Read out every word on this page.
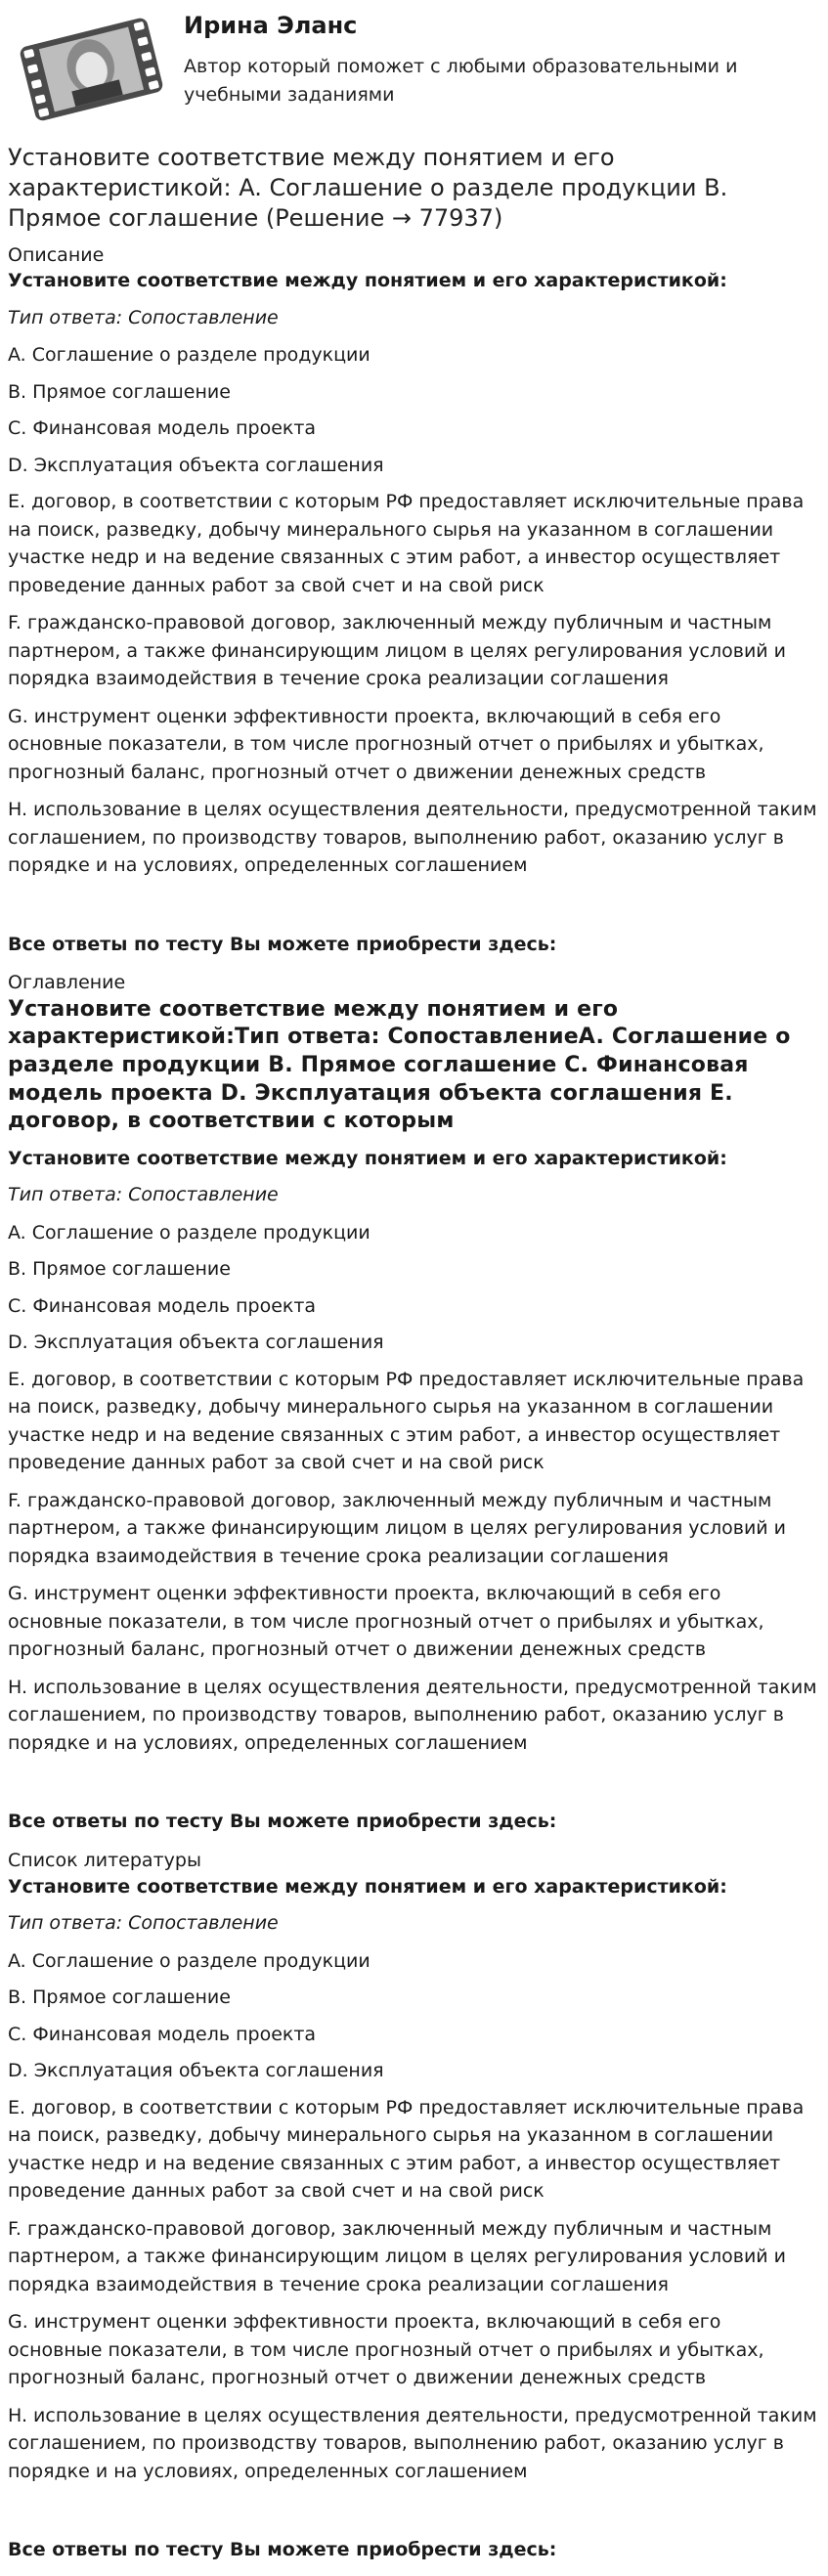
Ирина Эланс
Автор который поможет с любыми образовательными и
учебными заданиями
Установите соответствие между понятием и его характеристикой: A. Соглашение о разделе продукции B. Прямое соглашение (Решение → 77937)
Описание
Установите соответствие между понятием и его характеристикой:
Тип ответа: Сопоставление
A. Соглашение о разделе продукции
B. Прямое соглашение
C. Финансовая модель проекта
D. Эксплуатация объекта соглашения
E. договор, в соответствии с которым РФ предоставляет исключительные права на поиск, разведку, добычу минерального сырья на указанном в соглашении участке недр и на ведение связанных с этим работ, а инвестор осуществляет проведение данных работ за свой счет и на свой риск
F. гражданско-правовой договор, заключенный между публичным и частным партнером, а также финансирующим лицом в целях регулирования условий и порядка взаимодействия в течение срока реализации соглашения
G. инструмент оценки эффективности проекта, включающий в себя его основные показатели, в том числе прогнозный отчет о прибылях и убытках, прогнозный баланс, прогнозный отчет о движении денежных средств
H. использование в целях осуществления деятельности, предусмотренной таким соглашением, по производству товаров, выполнению работ, оказанию услуг в порядке и на условиях, определенных соглашением
Все ответы по тесту Вы можете приобрести здесь:
Оглавление
Установите соответствие между понятием и его характеристикой:Тип ответа: СопоставлениеA. Соглашение о разделе продукции B. Прямое соглашение C. Финансовая модель проекта D. Эксплуатация объекта соглашения E. договор, в соответствии с которым
Установите соответствие между понятием и его характеристикой:
Тип ответа: Сопоставление
A. Соглашение о разделе продукции
B. Прямое соглашение
C. Финансовая модель проекта
D. Эксплуатация объекта соглашения
E. договор, в соответствии с которым РФ предоставляет исключительные права на поиск, разведку, добычу минерального сырья на указанном в соглашении участке недр и на ведение связанных с этим работ, а инвестор осуществляет проведение данных работ за свой счет и на свой риск
F. гражданско-правовой договор, заключенный между публичным и частным партнером, а также финансирующим лицом в целях регулирования условий и порядка взаимодействия в течение срока реализации соглашения
G. инструмент оценки эффективности проекта, включающий в себя его основные показатели, в том числе прогнозный отчет о прибылях и убытках, прогнозный баланс, прогнозный отчет о движении денежных средств
H. использование в целях осуществления деятельности, предусмотренной таким соглашением, по производству товаров, выполнению работ, оказанию услуг в порядке и на условиях, определенных соглашением
Все ответы по тесту Вы можете приобрести здесь:
Список литературы
Установите соответствие между понятием и его характеристикой:
Тип ответа: Сопоставление
A. Соглашение о разделе продукции
B. Прямое соглашение
C. Финансовая модель проекта
D. Эксплуатация объекта соглашения
E. договор, в соответствии с которым РФ предоставляет исключительные права на поиск, разведку, добычу минерального сырья на указанном в соглашении участке недр и на ведение связанных с этим работ, а инвестор осуществляет проведение данных работ за свой счет и на свой риск
F. гражданско-правовой договор, заключенный между публичным и частным партнером, а также финансирующим лицом в целях регулирования условий и порядка взаимодействия в течение срока реализации соглашения
G. инструмент оценки эффективности проекта, включающий в себя его основные показатели, в том числе прогнозный отчет о прибылях и убытках, прогнозный баланс, прогнозный отчет о движении денежных средств
H. использование в целях осуществления деятельности, предусмотренной таким соглашением, по производству товаров, выполнению работ, оказанию услуг в порядке и на условиях, определенных соглашением
Все ответы по тесту Вы можете приобрести здесь:
